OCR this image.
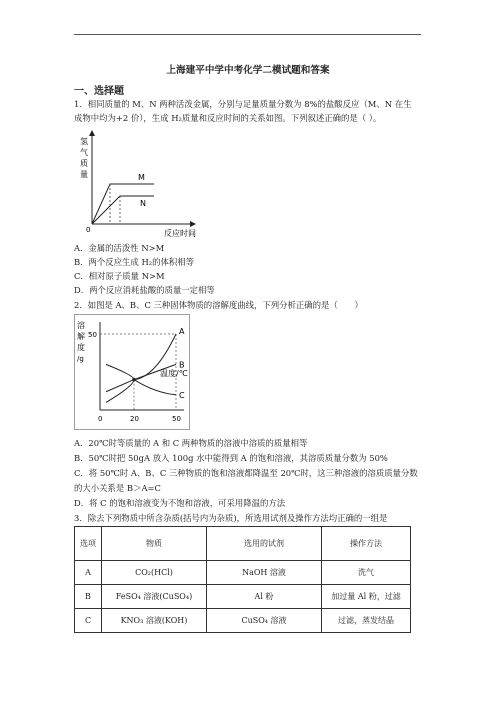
上海建平中学中考化学二模试题和答案
一、选择题
1．相同质量的 M、N 两种活泼金属，分别与足量质量分数为 8%的盐酸反应（M、N 在生
成物中均为+2 价），生成 H₂质量和反应时间的关系如图。下列叙述正确的是（ ）。
氢
气
质
量
0	反应时间
M
N
A．金属的活泼性 N>M
B．两个反应生成 H₂的体积相等
C．相对原子质量 N>M
D．两个反应消耗盐酸的质量一定相等
2．如图是 A、B、C 三种固体物质的溶解度曲线，下列分析正确的是（　　）
溶
解
度
/g
温度/℃
A
B
C
0	20	50
50
A．20℃时等质量的 A 和 C 两种物质的溶液中溶质的质量相等
B．50℃时把 50gA 放入 100g 水中能得到 A 的饱和溶液，其溶质质量分数为 50%
C．将 50℃时 A、B、C 三种物质的饱和溶液都降温至 20℃时，这三种溶液的溶质质量分数
的大小关系是 B＞A=C
D．将 C 的饱和溶液变为不饱和溶液，可采用降温的方法
3．除去下列物质中所含杂质(括号内为杂质)，所选用试剂及操作方法均正确的一组是
选项	物质	选用的试剂	操作方法
A	CO₂(HCl)	NaOH 溶液	洗气
B	FeSO₄ 溶液(CuSO₄)	Al 粉	加过量 Al 粉，过滤
C	KNO₃ 溶液(KOH)	CuSO₄ 溶液	过滤，蒸发结晶
